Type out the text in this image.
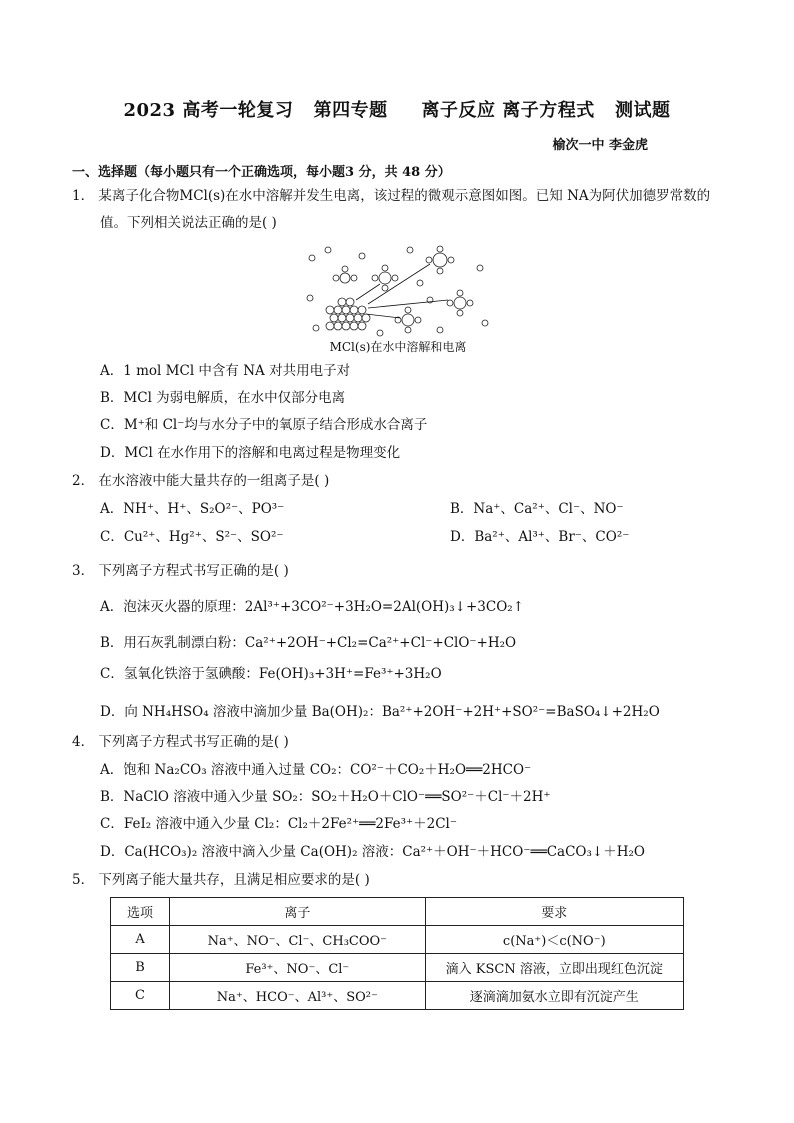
2023 高考一轮复习   第四专题     离子反应 离子方程式   测试题
榆次一中 李金虎
一、选择题（每小题只有一个正确选项，每小题3 分，共 48 分）
1． 某离子化合物MCl(s)在水中溶解并发生电离，该过程的微观示意图如图。已知 NA为阿伏加德罗常数的
值。下列相关说法正确的是( )
MCl(s)在水中溶解和电离
A．1 mol MCl 中含有 NA 对共用电子对
B．MCl 为弱电解质，在水中仅部分电离
C．M⁺和 Cl⁻均与水分子中的氧原子结合形成水合离子
D．MCl 在水作用下的溶解和电离过程是物理变化
2． 在水溶液中能大量共存的一组离子是( )
A．NH⁺、H⁺、S₂O²⁻、PO³⁻	B．Na⁺、Ca²⁺、Cl⁻、NO⁻
C．Cu²⁺、Hg²⁺、S²⁻、SO²⁻	D．Ba²⁺、Al³⁺、Br⁻、CO²⁻
3． 下列离子方程式书写正确的是( )
A．泡沫灭火器的原理：2Al³⁺+3CO²⁻+3H₂O=2Al(OH)₃↓+3CO₂↑
B．用石灰乳制漂白粉：Ca²⁺+2OH⁻+Cl₂=Ca²⁺+Cl⁻+ClO⁻+H₂O
C．氢氧化铁溶于氢碘酸：Fe(OH)₃+3H⁺=Fe³⁺+3H₂O
D．向 NH₄HSO₄ 溶液中滴加少量 Ba(OH)₂：Ba²⁺+2OH⁻+2H⁺+SO²⁻=BaSO₄↓+2H₂O
4． 下列离子方程式书写正确的是( )
A．饱和 Na₂CO₃ 溶液中通入过量 CO₂：CO²⁻＋CO₂＋H₂O══2HCO⁻
B．NaClO 溶液中通入少量 SO₂：SO₂＋H₂O＋ClO⁻══SO²⁻＋Cl⁻＋2H⁺
C．FeI₂ 溶液中通入少量 Cl₂：Cl₂＋2Fe²⁺══2Fe³⁺＋2Cl⁻
D．Ca(HCO₃)₂ 溶液中滴入少量 Ca(OH)₂ 溶液：Ca²⁺＋OH⁻＋HCO⁻══CaCO₃↓＋H₂O
5． 下列离子能大量共存，且满足相应要求的是( )
选项	离子	要求
A	Na⁺、NO⁻、Cl⁻、CH₃COO⁻	c(Na⁺)＜c(NO⁻)
B	Fe³⁺、NO⁻、Cl⁻	滴入 KSCN 溶液，立即出现红色沉淀
C	Na⁺、HCO⁻、Al³⁺、SO²⁻	逐滴滴加氨水立即有沉淀产生
